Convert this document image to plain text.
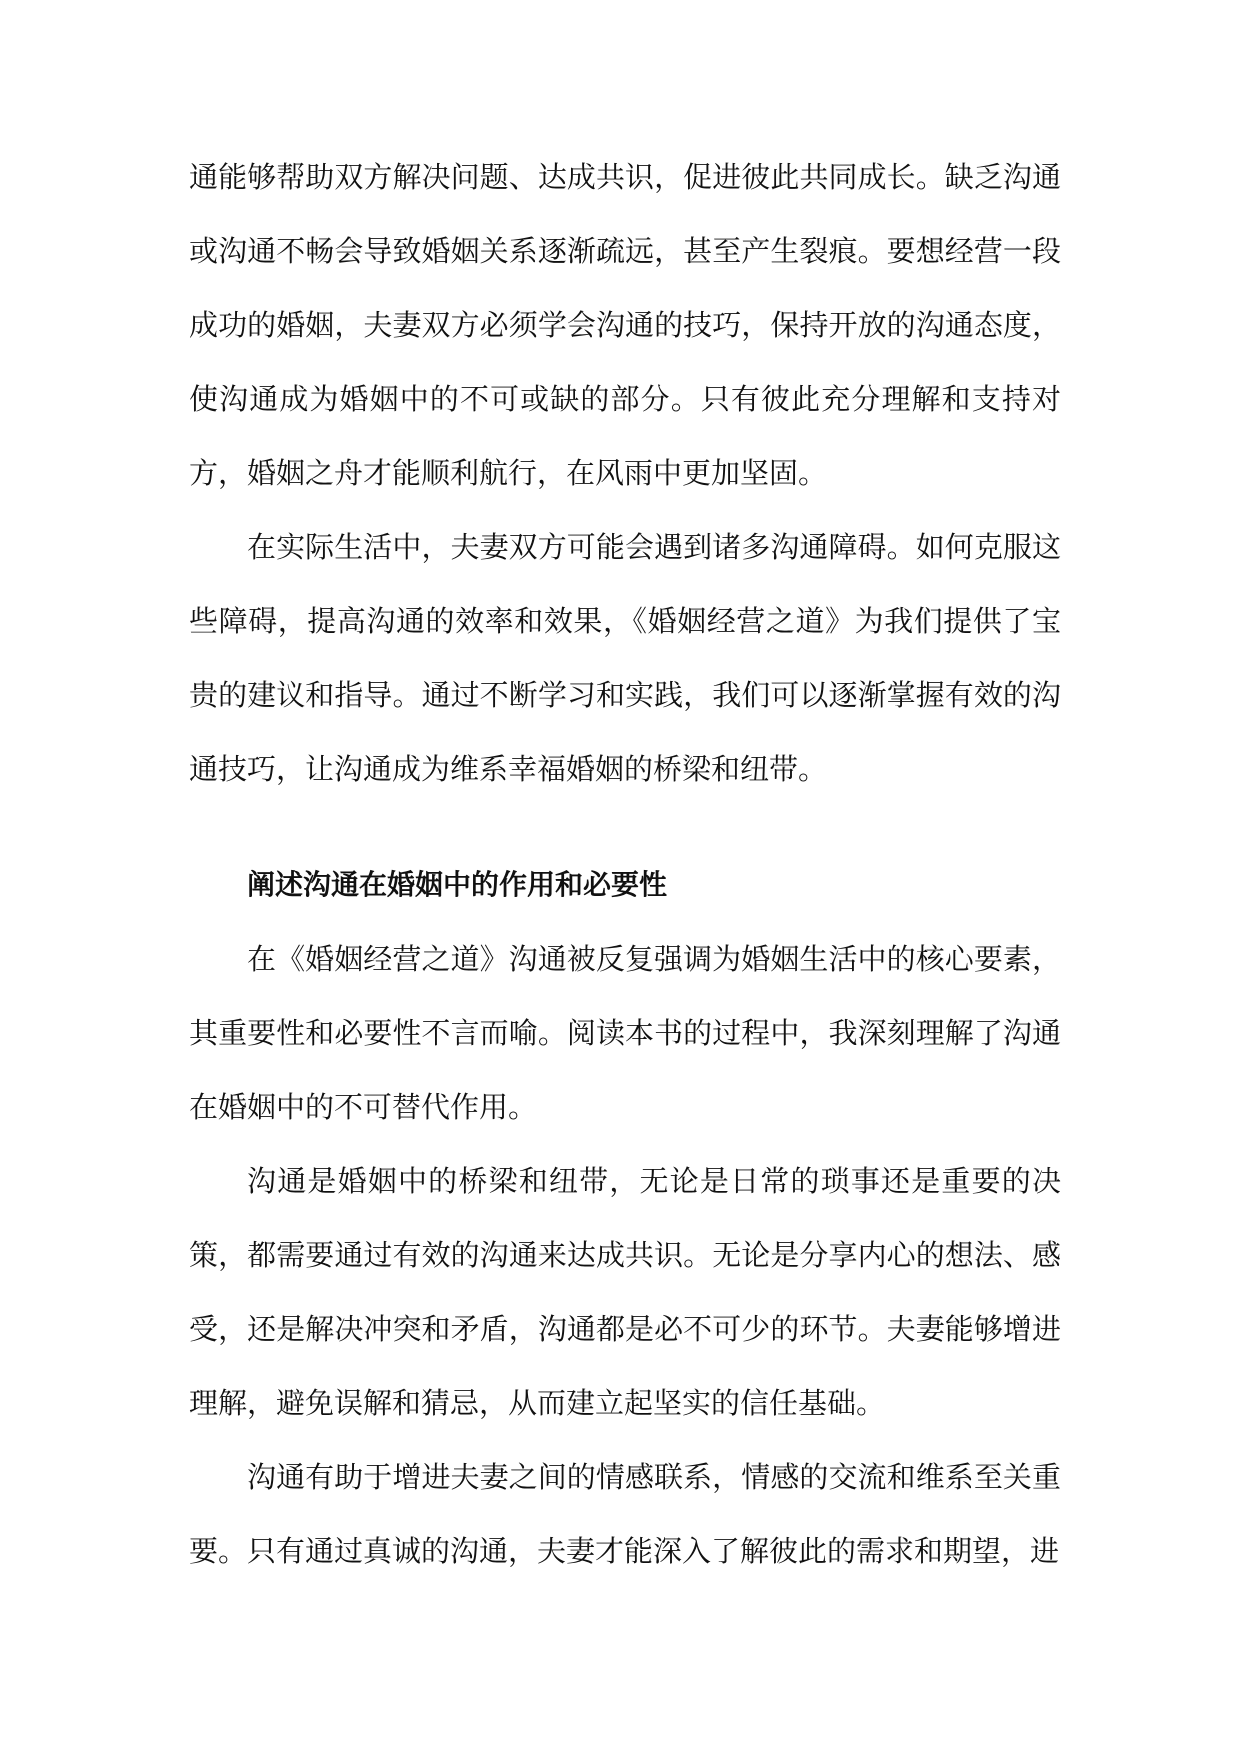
通能够帮助双方解决问题、达成共识，促进彼此共同成长。缺乏沟通或沟通不畅会导致婚姻关系逐渐疏远，甚至产生裂痕。要想经营一段成功的婚姻，夫妻双方必须学会沟通的技巧，保持开放的沟通态度，使沟通成为婚姻中的不可或缺的部分。只有彼此充分理解和支持对方，婚姻之舟才能顺利航行，在风雨中更加坚固。

在实际生活中，夫妻双方可能会遇到诸多沟通障碍。如何克服这些障碍，提高沟通的效率和效果，《婚姻经营之道》为我们提供了宝贵的建议和指导。通过不断学习和实践，我们可以逐渐掌握有效的沟通技巧，让沟通成为维系幸福婚姻的桥梁和纽带。

阐述沟通在婚姻中的作用和必要性

在《婚姻经营之道》沟通被反复强调为婚姻生活中的核心要素，其重要性和必要性不言而喻。阅读本书的过程中，我深刻理解了沟通在婚姻中的不可替代作用。

沟通是婚姻中的桥梁和纽带，无论是日常的琐事还是重要的决策，都需要通过有效的沟通来达成共识。无论是分享内心的想法、感受，还是解决冲突和矛盾，沟通都是必不可少的环节。夫妻能够增进理解，避免误解和猜忌，从而建立起坚实的信任基础。

沟通有助于增进夫妻之间的情感联系，情感的交流和维系至关重要。只有通过真诚的沟通，夫妻才能深入了解彼此的需求和期望，进
